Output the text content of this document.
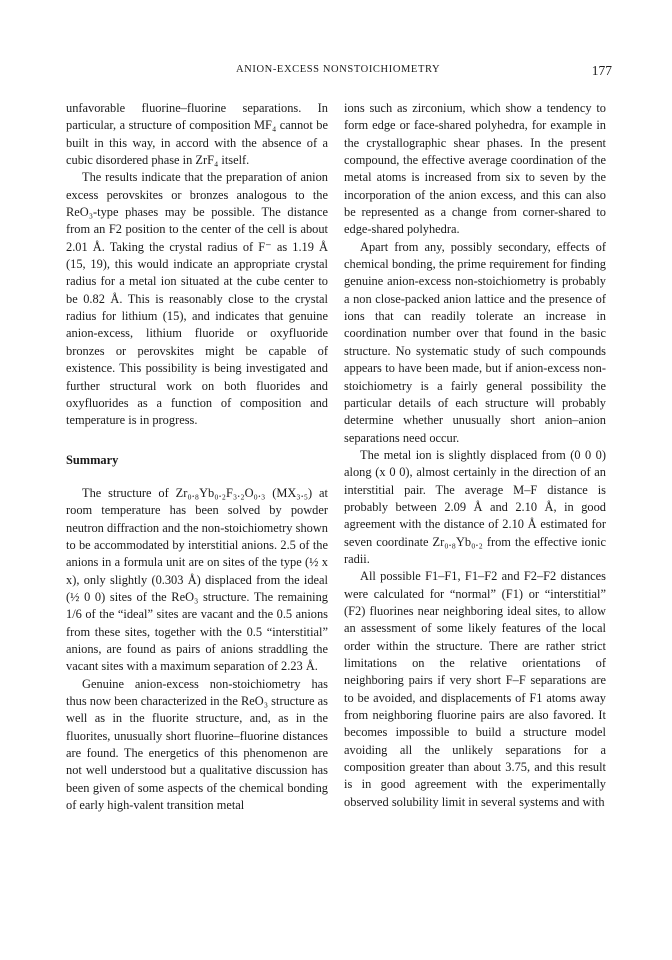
ANION-EXCESS NONSTOICHIOMETRY	177

unfavorable fluorine–fluorine separations. In particular, a structure of composition MF₄ cannot be built in this way, in accord with the absence of a cubic disordered phase in ZrF₄ itself.

The results indicate that the preparation of anion excess perovskites or bronzes analogous to the ReO₃-type phases may be possible. The distance from an F2 position to the center of the cell is about 2.01 Å. Taking the crystal radius of F⁻ as 1.19 Å (15, 19), this would indicate an appropriate crystal radius for a metal ion situated at the cube center to be 0.82 Å. This is reasonably close to the crystal radius for lithium (15), and indicates that genuine anion-excess, lithium fluoride or oxyfluoride bronzes or perovskites might be capable of existence. This possibility is being investigated and further structural work on both fluorides and oxyfluorides as a function of composition and temperature is in progress.

Summary

The structure of Zr₀.₈Yb₀.₂F₃.₂O₀.₃ (MX₃.₅) at room temperature has been solved by powder neutron diffraction and the non-stoichiometry shown to be accommodated by interstitial anions. 2.5 of the anions in a formula unit are on sites of the type (½ x x), only slightly (0.303 Å) displaced from the ideal (½ 0 0) sites of the ReO₃ structure. The remaining 1/6 of the “ideal” sites are vacant and the 0.5 anions from these sites, together with the 0.5 “interstitial” anions, are found as pairs of anions straddling the vacant sites with a maximum separation of 2.23 Å.

Genuine anion-excess non-stoichiometry has thus now been characterized in the ReO₃ structure as well as in the fluorite structure, and, as in the fluorites, unusually short fluorine–fluorine distances are found. The energetics of this phenomenon are not well understood but a qualitative discussion has been given of some aspects of the chemical bonding of early high-valent transition metal

ions such as zirconium, which show a tendency to form edge or face-shared polyhedra, for example in the crystallographic shear phases. In the present compound, the effective average coordination of the metal atoms is increased from six to seven by the incorporation of the anion excess, and this can also be represented as a change from corner-shared to edge-shared polyhedra.

Apart from any, possibly secondary, effects of chemical bonding, the prime requirement for finding genuine anion-excess non-stoichiometry is probably a non close-packed anion lattice and the presence of ions that can readily tolerate an increase in coordination number over that found in the basic structure. No systematic study of such compounds appears to have been made, but if anion-excess non-stoichiometry is a fairly general possibility the particular details of each structure will probably determine whether unusually short anion–anion separations need occur.

The metal ion is slightly displaced from (0 0 0) along (x 0 0), almost certainly in the direction of an interstitial pair. The average M–F distance is probably between 2.09 Å and 2.10 Å, in good agreement with the distance of 2.10 Å estimated for seven coordinate Zr₀.₈Yb₀.₂ from the effective ionic radii.

All possible F1–F1, F1–F2 and F2–F2 distances were calculated for “normal” (F1) or “interstitial” (F2) fluorines near neighboring ideal sites, to allow an assessment of some likely features of the local order within the structure. There are rather strict limitations on the relative orientations of neighboring pairs if very short F–F separations are to be avoided, and displacements of F1 atoms away from neighboring fluorine pairs are also favored. It becomes impossible to build a structure model avoiding all the unlikely separations for a composition greater than about 3.75, and this result is in good agreement with the experimentally observed solubility limit in several systems and with
